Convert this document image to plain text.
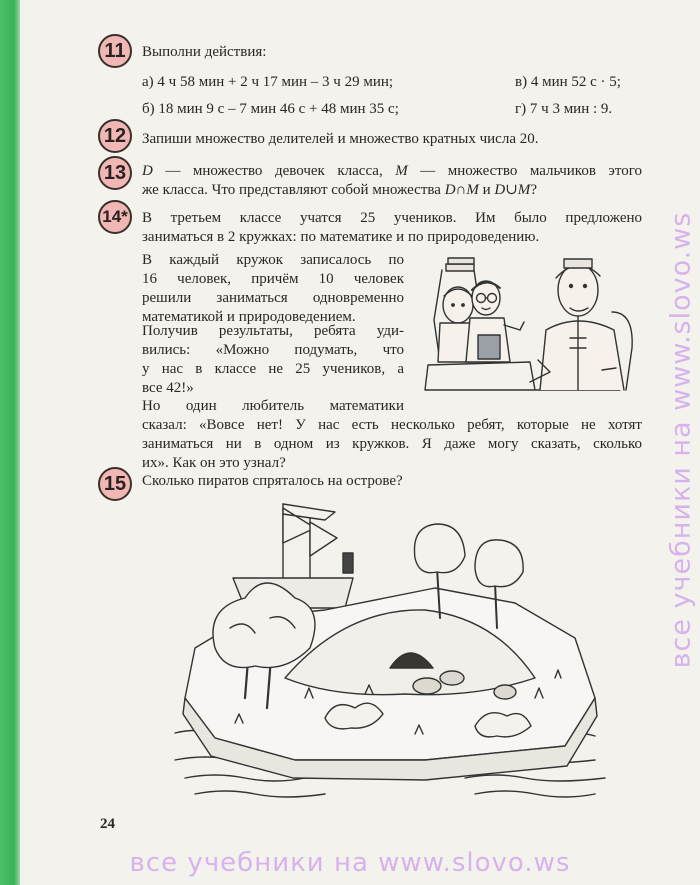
11	Выполни действия:
а) 4 ч 58 мин + 2 ч 17 мин – 3 ч 29 мин;	в) 4 мин 52 с · 5;
б) 18 мин 9 с – 7 мин 46 с + 48 мин 35 с;	г) 7 ч 3 мин : 9.
12	Запиши множество делителей и множество кратных числа 20.
13	D — множество девочек класса, M — множество мальчиков этого
же класса. Что представляют собой множества D∩M и D∪M?
14* В третьем классе учатся 25 учеников. Им было предложено
заниматься в 2 кружках: по математике и по природоведению.
В каждый кружок записалось по
16 человек, причём 10 человек
решили заниматься одновременно
математикой и природоведением.
Получив результаты, ребята уди-
вились: «Можно подумать, что
у нас в классе не 25 учеников, а
все 42!»
Но один любитель математики
сказал: «Вовсе нет! У нас есть несколько ребят, которые не хотят
заниматься ни в одном из кружков. Я даже могу сказать, сколько
их». Как он это узнал?
15	Сколько пиратов спряталось на острове?
24
все учебники на www.slovo.ws
все учебники на www.slovo.ws
